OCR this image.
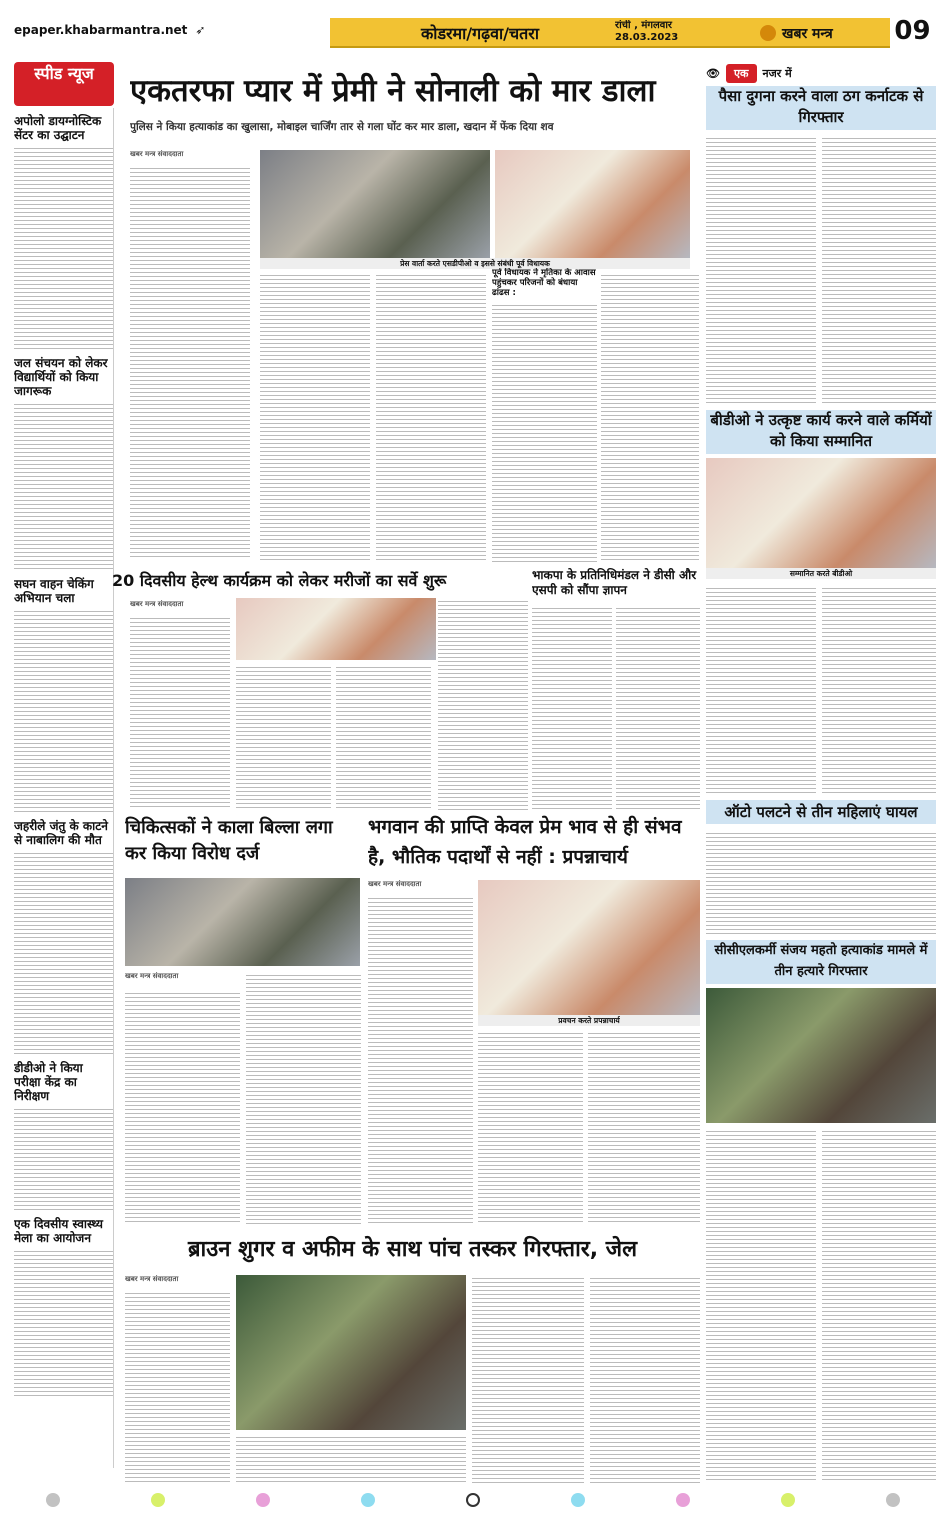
epaper.khabarmantra.net ➶	कोडरमा/गढ़वा/चतरा	रांची , मंगलवार
28.03.2023	खबर मन्त्र 09
स्पीड न्यूज
अपोलो डायग्नोस्टिक सेंटर का उद्घाटन
जल संचयन को लेकर विद्यार्थियों को किया जागरूक
सघन वाहन चेकिंग अभियान चला
जहरीले जंतु के काटने से नाबालिग की मौत
डीडीओ ने किया परीक्षा केंद्र का निरीक्षण
एक दिवसीय स्वास्थ्य मेला का आयोजन
एकतरफा प्यार में प्रेमी ने सोनाली को मार डाला
पुलिस ने किया हत्याकांड का खुलासा, मोबाइल चार्जिंग तार से गला घोंट कर मार डाला, खदान में फेंक दिया शव
खबर मन्त्र संवाददाता
प्रेस वार्ता करते एसडीपीओ व इससे संबंधी पूर्व विधायक
पूर्व विधायक ने मृतिका के आवास पहुंचकर परिजनों को बंधाया ढांढस :
👁	एक	नजर में
पैसा दुगना करने वाला ठग कर्नाटक से गिरफ्तार
बीडीओ ने उत्कृष्ट कार्य करने वाले कर्मियों को किया सम्मानित
सम्मानित करते बीडीओ
ऑटो पलटने से तीन महिलाएं घायल
सीसीएलकर्मी संजय महतो हत्याकांड मामले में तीन हत्यारे गिरफ्तार
20 दिवसीय हेल्थ कार्यक्रम को लेकर मरीजों का सर्वे शुरू
खबर मन्त्र संवाददाता
भाकपा के प्रतिनिधिमंडल ने डीसी और एसपी को सौंपा ज्ञापन
चिकित्सकों ने काला बिल्ला लगा कर किया विरोध दर्ज
खबर मन्त्र संवाददाता
भगवान की प्राप्ति केवल प्रेम भाव से ही संभव है, भौतिक पदार्थों से नहीं : प्रपन्नाचार्य
खबर मन्त्र संवाददाता
प्रवचन करते प्रपन्नाचार्य
ब्राउन शुगर व अफीम के साथ पांच तस्कर गिरफ्तार, जेल
खबर मन्त्र संवाददाता
